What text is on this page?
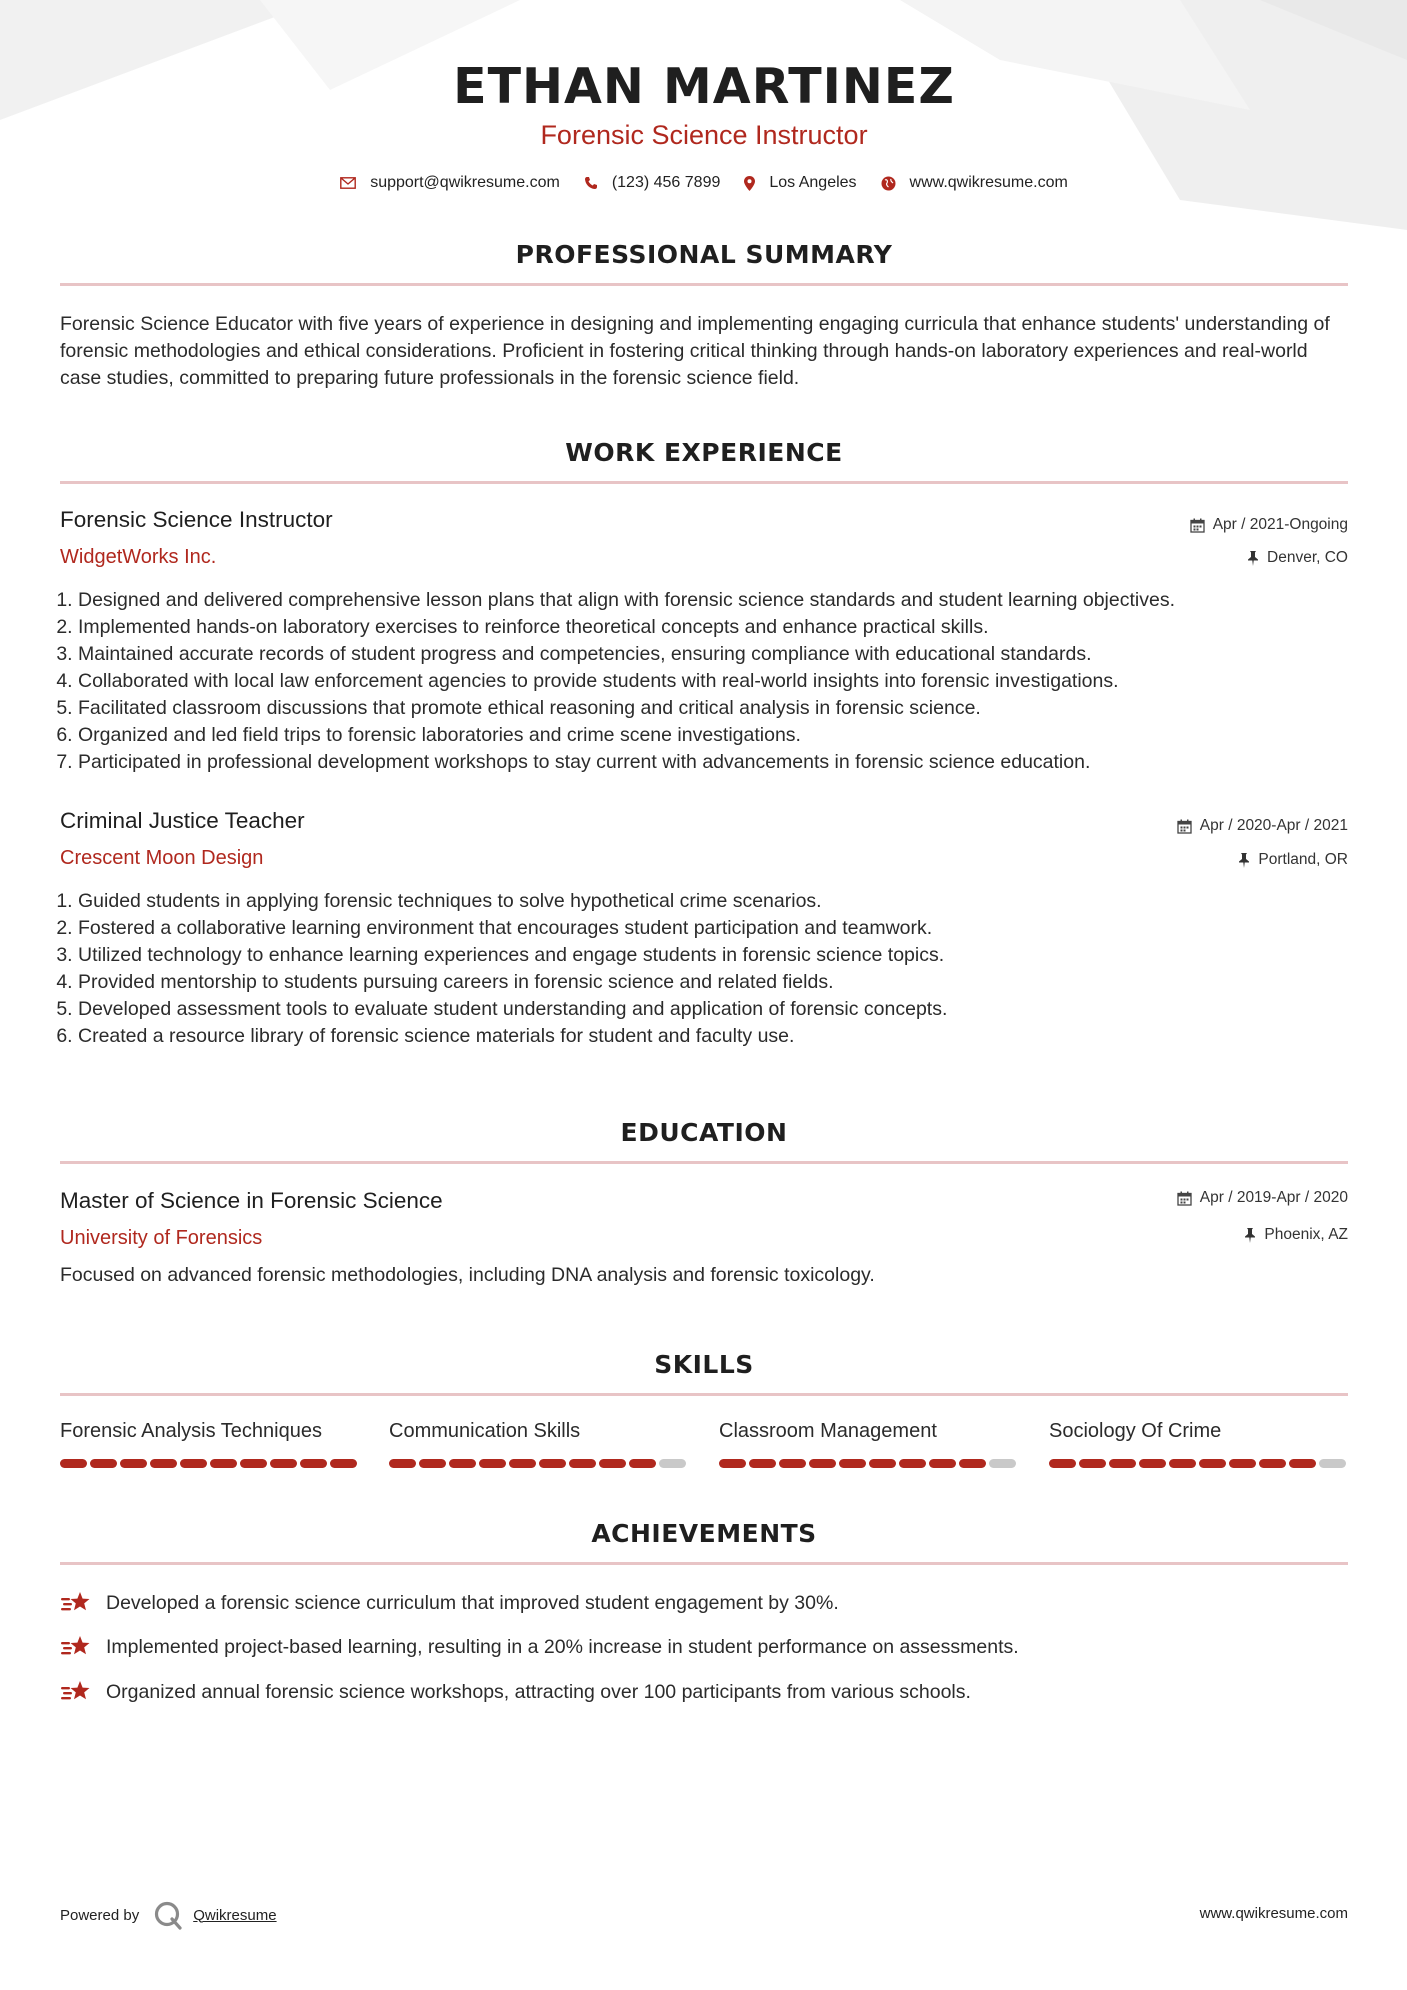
ETHAN MARTINEZ
Forensic Science Instructor
support@qwikresume.com	(123) 456 7899	Los Angeles	www.qwikresume.com
PROFESSIONAL SUMMARY
Forensic Science Educator with five years of experience in designing and implementing engaging curricula that enhance students' understanding of forensic methodologies and ethical considerations. Proficient in fostering critical thinking through hands-on laboratory experiences and real-world case studies, committed to preparing future professionals in the forensic science field.
WORK EXPERIENCE
Forensic Science Instructor
WidgetWorks Inc.
Apr / 2021-Ongoing
Denver, CO
1. Designed and delivered comprehensive lesson plans that align with forensic science standards and student learning objectives.
2. Implemented hands-on laboratory exercises to reinforce theoretical concepts and enhance practical skills.
3. Maintained accurate records of student progress and competencies, ensuring compliance with educational standards.
4. Collaborated with local law enforcement agencies to provide students with real-world insights into forensic investigations.
5. Facilitated classroom discussions that promote ethical reasoning and critical analysis in forensic science.
6. Organized and led field trips to forensic laboratories and crime scene investigations.
7. Participated in professional development workshops to stay current with advancements in forensic science education.
Criminal Justice Teacher
Crescent Moon Design
Apr / 2020-Apr / 2021
Portland, OR
1. Guided students in applying forensic techniques to solve hypothetical crime scenarios.
2. Fostered a collaborative learning environment that encourages student participation and teamwork.
3. Utilized technology to enhance learning experiences and engage students in forensic science topics.
4. Provided mentorship to students pursuing careers in forensic science and related fields.
5. Developed assessment tools to evaluate student understanding and application of forensic concepts.
6. Created a resource library of forensic science materials for student and faculty use.
EDUCATION
Master of Science in Forensic Science
University of Forensics
Apr / 2019-Apr / 2020
Phoenix, AZ
Focused on advanced forensic methodologies, including DNA analysis and forensic toxicology.
SKILLS
Forensic Analysis Techniques	Communication Skills	Classroom Management	Sociology Of Crime
ACHIEVEMENTS
Developed a forensic science curriculum that improved student engagement by 30%.
Implemented project-based learning, resulting in a 20% increase in student performance on assessments.
Organized annual forensic science workshops, attracting over 100 participants from various schools.
Powered by	Qwikresume	www.qwikresume.com
